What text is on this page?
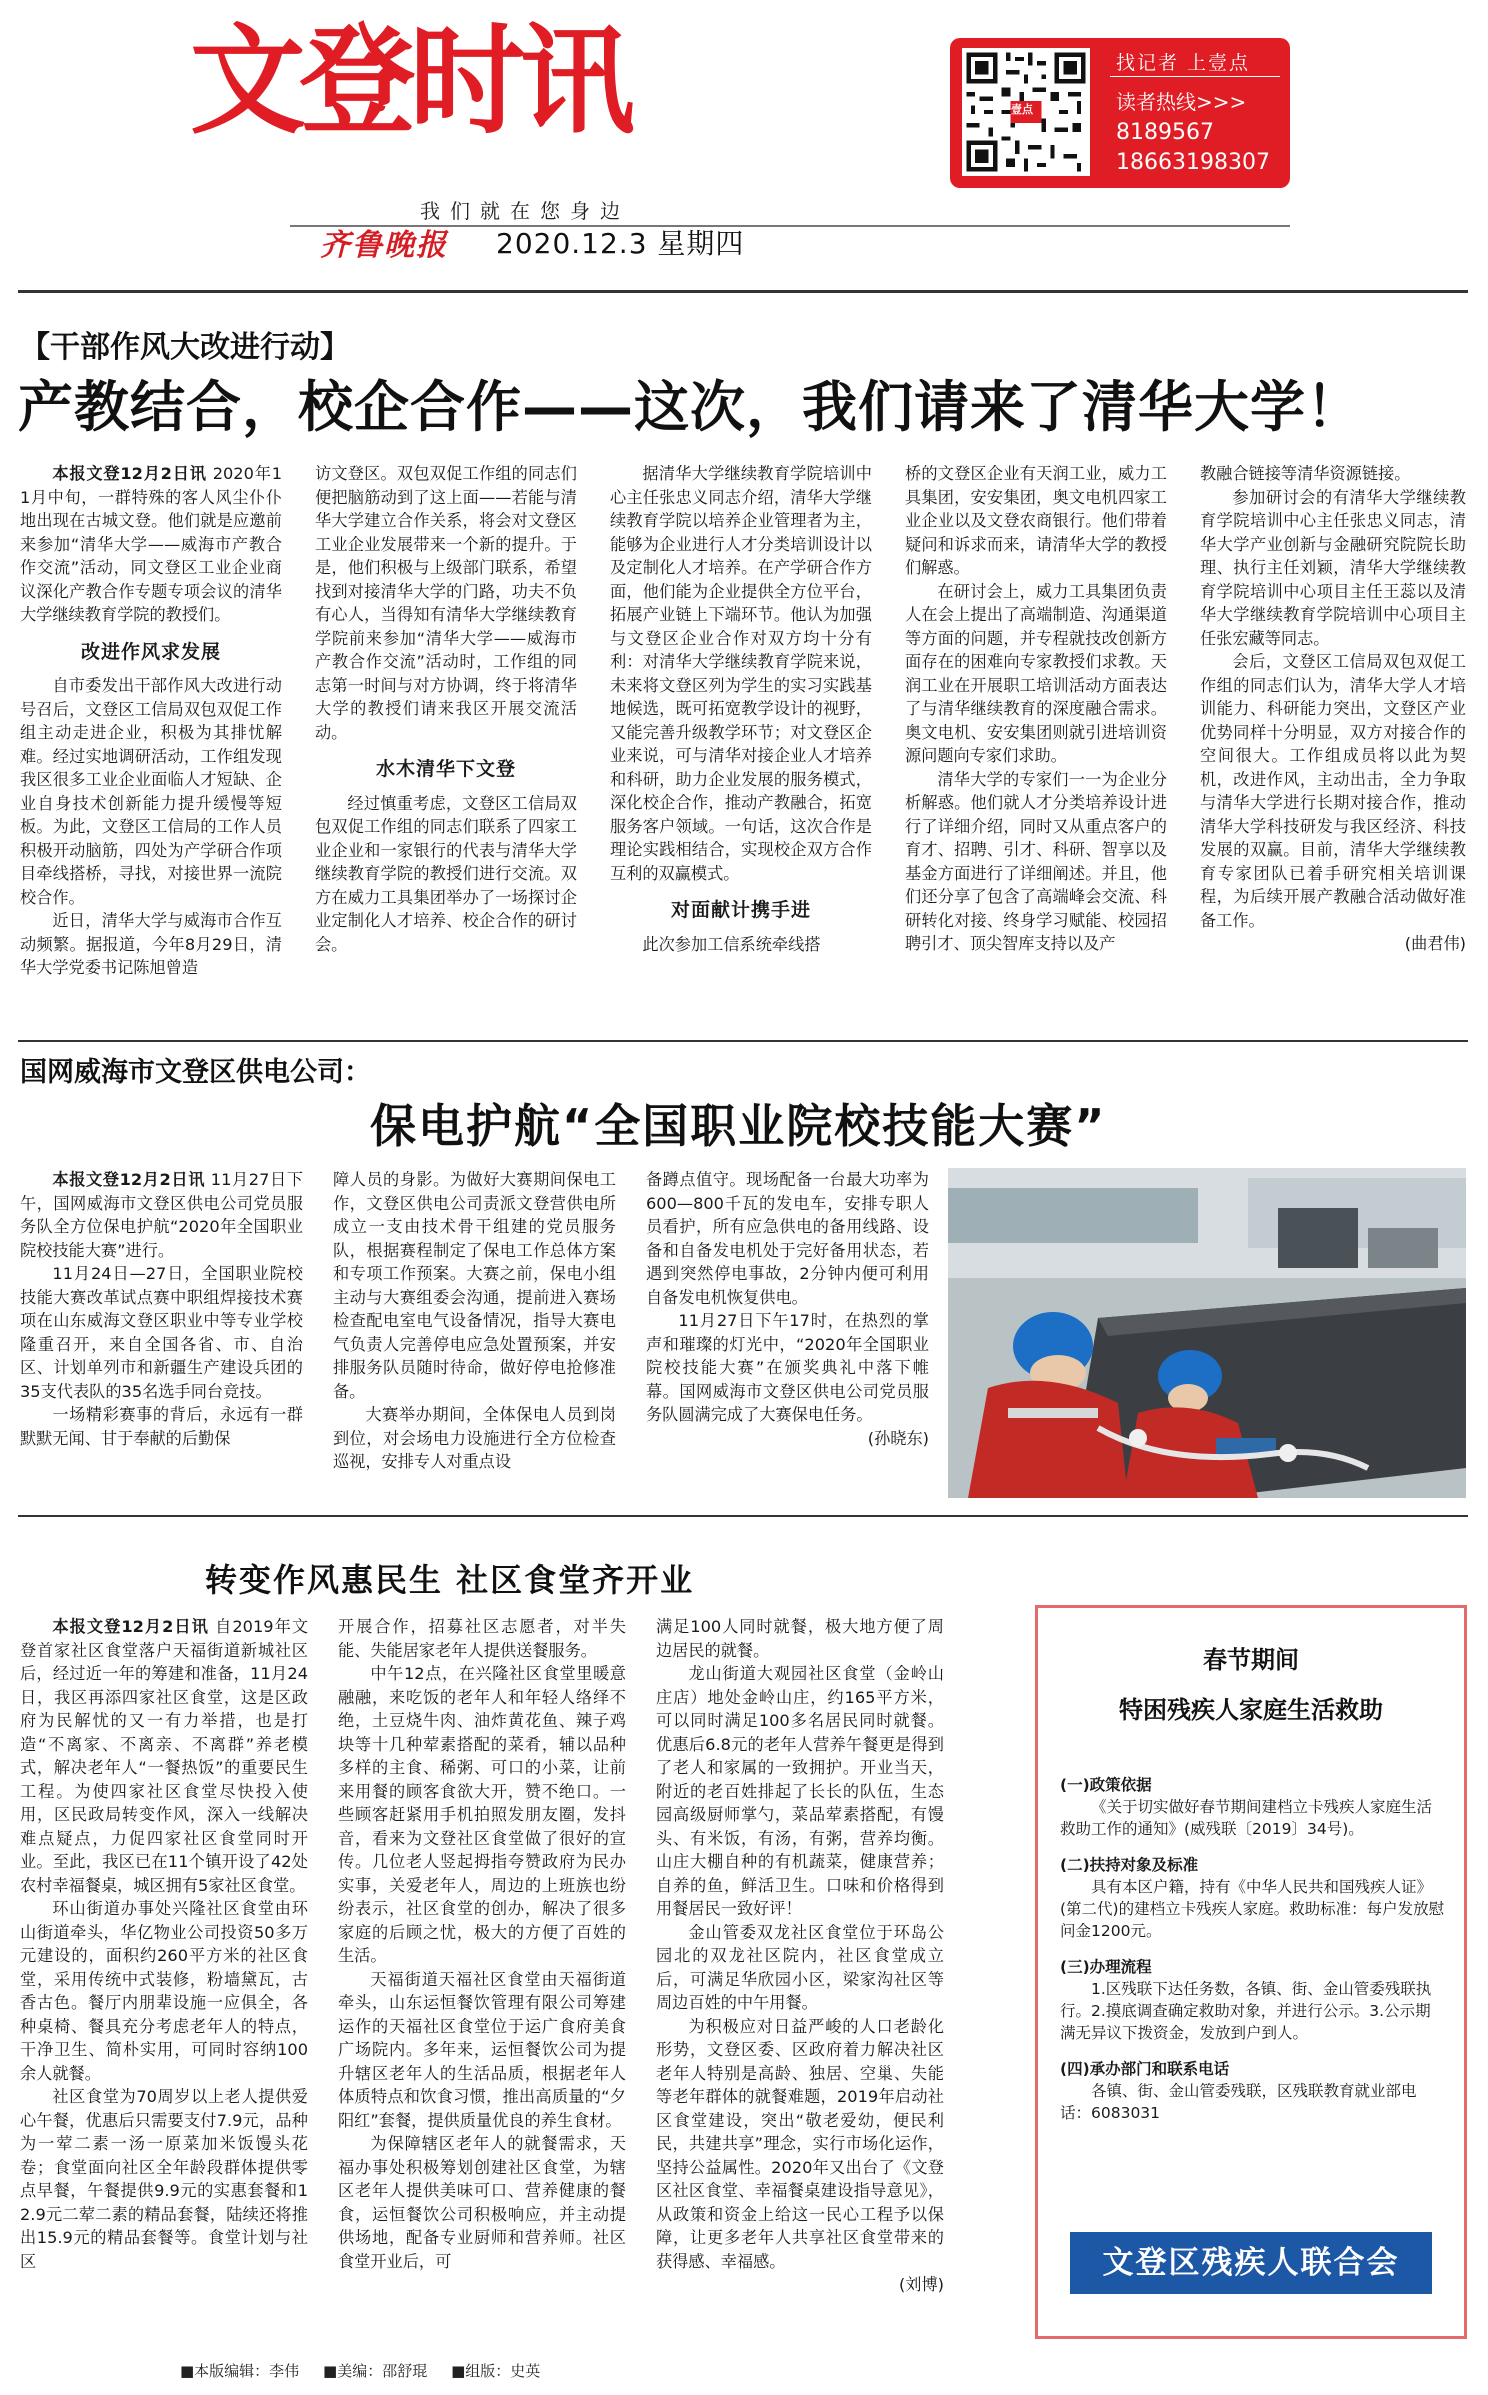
文登时讯
我们就在您身边
齐鲁晚报 2020.12.3 星期四
壹点
找记者 上壹点
读者热线>>>
8189567
18663198307
【干部作风大改进行动】
产教结合，校企合作——这次，我们请来了清华大学！

本报文登12月2日讯 2020年11月中旬，一群特殊的客人风尘仆仆地出现在古城文登。他们就是应邀前来参加“清华大学——威海市产教合作交流”活动，同文登区工业企业商议深化产教合作专题专项会议的清华大学继续教育学院的教授们。

改进作风求发展

自市委发出干部作风大改进行动号召后，文登区工信局双包双促工作组主动走进企业，积极为其排忧解难。经过实地调研活动，工作组发现我区很多工业企业面临人才短缺、企业自身技术创新能力提升缓慢等短板。为此，文登区工信局的工作人员积极开动脑筋，四处为产学研合作项目牵线搭桥，寻找，对接世界一流院校合作。

近日，清华大学与威海市合作互动频繁。据报道，今年8月29日，清华大学党委书记陈旭曾造

访文登区。双包双促工作组的同志们便把脑筋动到了这上面——若能与清华大学建立合作关系，将会对文登区工业企业发展带来一个新的提升。于是，他们积极与上级部门联系，希望找到对接清华大学的门路，功夫不负有心人，当得知有清华大学继续教育学院前来参加“清华大学——威海市产教合作交流”活动时，工作组的同志第一时间与对方协调，终于将清华大学的教授们请来我区开展交流活动。

水木清华下文登

经过慎重考虑，文登区工信局双包双促工作组的同志们联系了四家工业企业和一家银行的代表与清华大学继续教育学院的教授们进行交流。双方在威力工具集团举办了一场探讨企业定制化人才培养、校企合作的研讨会。

据清华大学继续教育学院培训中心主任张忠义同志介绍，清华大学继续教育学院以培养企业管理者为主，能够为企业进行人才分类培训设计以及定制化人才培养。在产学研合作方面，他们能为企业提供全方位平台，拓展产业链上下端环节。他认为加强与文登区企业合作对双方均十分有利：对清华大学继续教育学院来说，未来将文登区列为学生的实习实践基地候选，既可拓宽教学设计的视野，又能完善升级教学环节；对文登区企业来说，可与清华对接企业人才培养和科研，助力企业发展的服务模式，深化校企合作，推动产教融合，拓宽服务客户领域。一句话，这次合作是理论实践相结合，实现校企双方合作互利的双赢模式。

对面献计携手进

此次参加工信系统牵线搭

桥的文登区企业有天润工业，威力工具集团，安安集团，奥文电机四家工业企业以及文登农商银行。他们带着疑问和诉求而来，请清华大学的教授们解惑。

在研讨会上，威力工具集团负责人在会上提出了高端制造、沟通渠道等方面的问题，并专程就技改创新方面存在的困难向专家教授们求教。天润工业在开展职工培训活动方面表达了与清华继续教育的深度融合需求。奥文电机、安安集团则就引进培训资源问题向专家们求助。

清华大学的专家们一一为企业分析解惑。他们就人才分类培养设计进行了详细介绍，同时又从重点客户的育才、招聘、引才、科研、智享以及基金方面进行了详细阐述。并且，他们还分享了包含了高端峰会交流、科研转化对接、终身学习赋能、校园招聘引才、顶尖智库支持以及产

教融合链接等清华资源链接。

参加研讨会的有清华大学继续教育学院培训中心主任张忠义同志，清华大学产业创新与金融研究院院长助理、执行主任刘颖，清华大学继续教育学院培训中心项目主任王蕊以及清华大学继续教育学院培训中心项目主任张宏藏等同志。

会后，文登区工信局双包双促工作组的同志们认为，清华大学人才培训能力、科研能力突出，文登区产业优势同样十分明显，双方对接合作的空间很大。工作组成员将以此为契机，改进作风，主动出击，全力争取与清华大学进行长期对接合作，推动清华大学科技研发与我区经济、科技发展的双赢。目前，清华大学继续教育专家团队已着手研究相关培训课程，为后续开展产教融合活动做好准备工作。

(曲君伟)

国网威海市文登区供电公司：
保电护航“全国职业院校技能大赛”

本报文登12月2日讯 11月27日下午，国网威海市文登区供电公司党员服务队全方位保电护航“2020年全国职业院校技能大赛”进行。

11月24日—27日，全国职业院校技能大赛改革试点赛中职组焊接技术赛项在山东威海文登区职业中等专业学校隆重召开，来自全国各省、市、自治区、计划单列市和新疆生产建设兵团的35支代表队的35名选手同台竞技。

一场精彩赛事的背后，永远有一群默默无闻、甘于奉献的后勤保

障人员的身影。为做好大赛期间保电工作，文登区供电公司责派文登营供电所成立一支由技术骨干组建的党员服务队，根据赛程制定了保电工作总体方案和专项工作预案。大赛之前，保电小组主动与大赛组委会沟通，提前进入赛场检查配电室电气设备情况，指导大赛电气负责人完善停电应急处置预案，并安排服务队员随时待命，做好停电抢修准备。

大赛举办期间，全体保电人员到岗到位，对会场电力设施进行全方位检查巡视，安排专人对重点设

备蹲点值守。现场配备一台最大功率为600—800千瓦的发电车，安排专职人员看护，所有应急供电的备用线路、设备和自备发电机处于完好备用状态，若遇到突然停电事故，2分钟内便可利用自备发电机恢复供电。

11月27日下午17时，在热烈的掌声和璀璨的灯光中，“2020年全国职业院校技能大赛”在颁奖典礼中落下帷幕。国网威海市文登区供电公司党员服务队圆满完成了大赛保电任务。

(孙晓东)

转变作风惠民生 社区食堂齐开业

本报文登12月2日讯 自2019年文登首家社区食堂落户天福街道新城社区后，经过近一年的筹建和准备，11月24日，我区再添四家社区食堂，这是区政府为民解忧的又一有力举措，也是打造“不离家、不离亲、不离群”养老模式，解决老年人“一餐热饭”的重要民生工程。为使四家社区食堂尽快投入使用，区民政局转变作风，深入一线解决难点疑点，力促四家社区食堂同时开业。至此，我区已在11个镇开设了42处农村幸福餐桌，城区拥有5家社区食堂。

环山街道办事处兴隆社区食堂由环山街道牵头，华亿物业公司投资50多万元建设的，面积约260平方米的社区食堂，采用传统中式装修，粉墙黛瓦，古香古色。餐厅内朋辈设施一应俱全，各种桌椅、餐具充分考虑老年人的特点，干净卫生、简朴实用，可同时容纳100余人就餐。

社区食堂为70周岁以上老人提供爱心午餐，优惠后只需要支付7.9元，品种为一荤二素一汤一原菜加米饭馒头花卷；食堂面向社区全年龄段群体提供零点早餐，午餐提供9.9元的实惠套餐和12.9元二荤二素的精品套餐，陆续还将推出15.9元的精品套餐等。食堂计划与社区

开展合作，招募社区志愿者，对半失能、失能居家老年人提供送餐服务。

中午12点，在兴隆社区食堂里暖意融融，来吃饭的老年人和年轻人络绎不绝，土豆烧牛肉、油炸黄花鱼、辣子鸡块等十几种荤素搭配的菜肴，辅以品种多样的主食、稀粥、可口的小菜，让前来用餐的顾客食欲大开，赞不绝口。一些顾客赶紧用手机拍照发朋友圈，发抖音，看来为文登社区食堂做了很好的宣传。几位老人竖起拇指夸赞政府为民办实事，关爱老年人，周边的上班族也纷纷表示，社区食堂的创办，解决了很多家庭的后顾之忧，极大的方便了百姓的生活。

天福街道天福社区食堂由天福街道牵头，山东运恒餐饮管理有限公司筹建运作的天福社区食堂位于运广食府美食广场院内。多年来，运恒餐饮公司为提升辖区老年人的生活品质，根据老年人体质特点和饮食习惯，推出高质量的“夕阳红”套餐，提供质量优良的养生食材。

为保障辖区老年人的就餐需求，天福办事处积极筹划创建社区食堂，为辖区老年人提供美味可口、营养健康的餐食，运恒餐饮公司积极响应，并主动提供场地，配备专业厨师和营养师。社区食堂开业后，可

满足100人同时就餐，极大地方便了周边居民的就餐。

龙山街道大观园社区食堂（金岭山庄店）地处金岭山庄，约165平方米，可以同时满足100多名居民同时就餐。优惠后6.8元的老年人营养午餐更是得到了老人和家属的一致拥护。开业当天，附近的老百姓排起了长长的队伍，生态园高级厨师掌勺，菜品荤素搭配，有馒头、有米饭，有汤，有粥，营养均衡。山庄大棚自种的有机蔬菜，健康营养；自养的鱼，鲜活卫生。口味和价格得到用餐居民一致好评！

金山管委双龙社区食堂位于环岛公园北的双龙社区院内，社区食堂成立后，可满足华欣园小区，梁家沟社区等周边百姓的中午用餐。

为积极应对日益严峻的人口老龄化形势，文登区委、区政府着力解决社区老年人特别是高龄、独居、空巢、失能等老年群体的就餐难题，2019年启动社区食堂建设，突出“敬老爱幼，便民利民，共建共享”理念，实行市场化运作，坚持公益属性。2020年又出台了《文登区社区食堂、幸福餐桌建设指导意见》，从政策和资金上给这一民心工程予以保障，让更多老年人共享社区食堂带来的获得感、幸福感。

(刘博)

春节期间
特困残疾人家庭生活救助
(一)政策依据
《关于切实做好春节期间建档立卡残疾人家庭生活救助工作的通知》(威残联〔2019〕34号)。
(二)扶持对象及标准
具有本区户籍，持有《中华人民共和国残疾人证》(第二代)的建档立卡残疾人家庭。救助标准：每户发放慰问金1200元。
(三)办理流程
1.区残联下达任务数，各镇、街、金山管委残联执行。2.摸底调查确定救助对象，并进行公示。3.公示期满无异议下拨资金，发放到户到人。
(四)承办部门和联系电话
各镇、街、金山管委残联，区残联教育就业部电话：6083031
文登区残疾人联合会
■本版编辑：李伟 ■美编：邵舒琨 ■组版：史英
